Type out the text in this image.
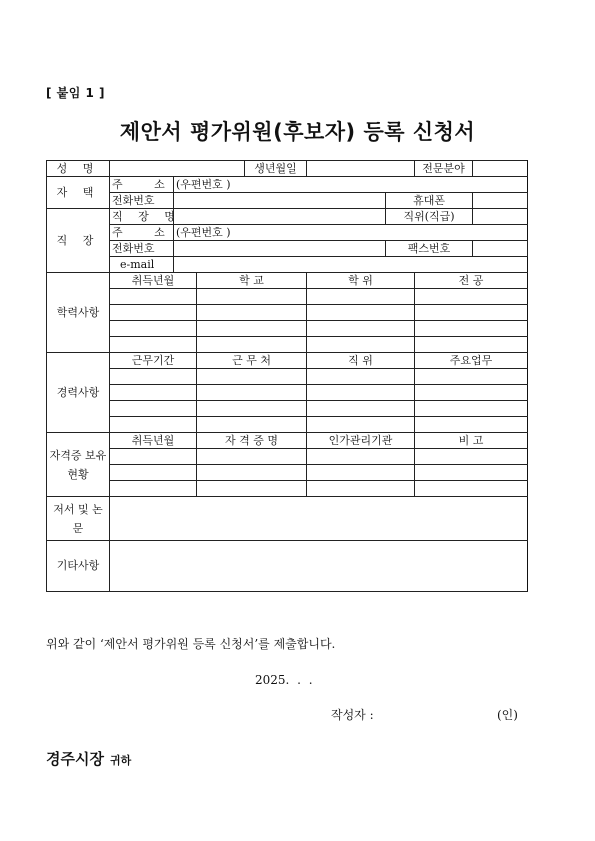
[ 붙임 1 ]
제안서 평가위원(후보자) 등록 신청서
성 명				생년월일			전문분야	
자 택	주 소	(우편번호 )						
	전화번호					휴대폰		
직 장	직 장 명					직위(직급)		
	주 소	(우편번호 )						
	전화번호					팩스번호		
	e-mail							
학력사항	취득년월		학 교		학 위		전 공	

경력사항	근무기간		근 무 처		직 위		주요업무	

자격증 보유현황	취득년월		자 격 증 명		인가관리기관		비 고	

저서 및 논문								
기타사항								
위와 같이 ‘제안서 평가위원 등록 신청서’를 제출합니다.
2025. . .
작성자 :	(인)
경주시장 귀하
